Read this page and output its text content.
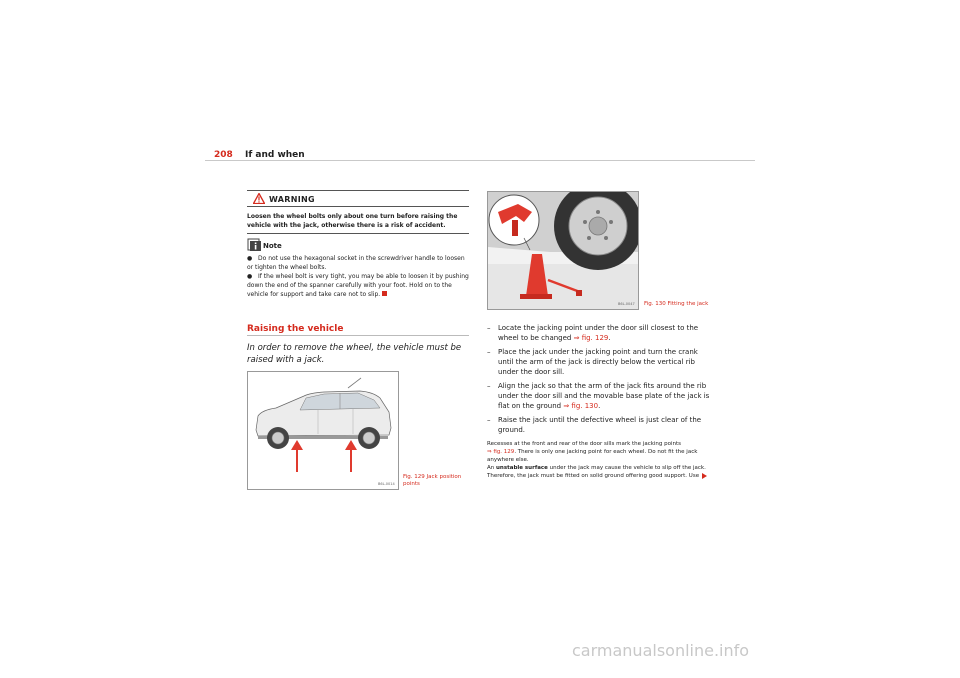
208 If and when
WARNING
Loosen the wheel bolts only about one turn before raising the vehicle with the jack, otherwise there is a risk of accident.
Note

● Do not use the hexagonal socket in the screwdriver handle to loosen or tighten the wheel bolts.

● If the wheel bolt is very tight, you may be able to loosen it by pushing down the end of the spanner carefully with your foot. Hold on to the vehicle for support and take care not to slip.

Raising the vehicle
In order to remove the wheel, the vehicle must be raised with a jack.
B6L-0014
Fig. 129 Jack position points
B6L-0047 Fig. 130 Fitting the jack
– Locate the jacking point under the door sill closest to the wheel to be changed ⇒ fig. 129.
– Place the jack under the jacking point and turn the crank until the arm of the jack is directly below the vertical rib under the door sill.
– Align the jack so that the arm of the jack fits around the rib under the door sill and the movable base plate of the jack is flat on the ground ⇒ fig. 130.
– Raise the jack until the defective wheel is just clear of the ground.

Recesses at the front and rear of the door sills mark the jacking points
⇒ fig. 129. There is only one jacking point for each wheel. Do not fit the jack anywhere else.

An unstable surface under the jack may cause the vehicle to slip off the jack. Therefore, the jack must be fitted on solid ground offering good support. Use

carmanualsonline.info
